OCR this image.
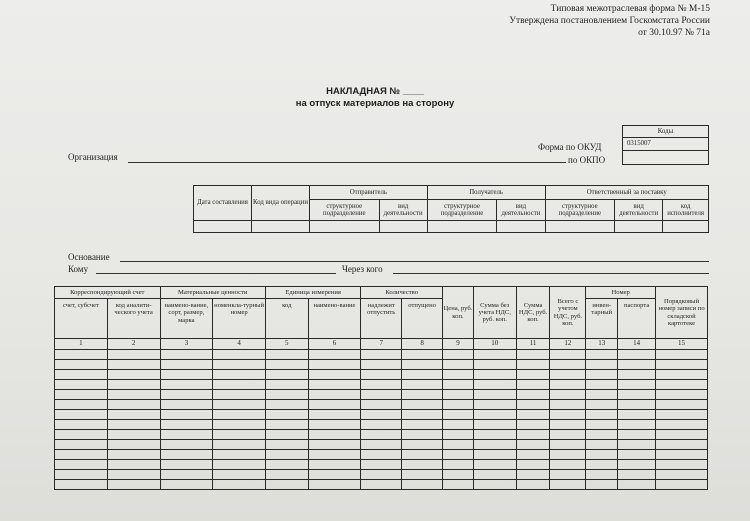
Типовая межотраслевая форма № М-15
Утверждена постановлением Госкомстата России
от 30.10.97 № 71а
НАКЛАДНАЯ № ____
на отпуск материалов на сторону
Коды
0315007

Форма по ОКУД
по ОКПО
Организация
Дата составления	Код вида операции	Отправитель		Получатель		Ответственный за поставку		
		структурное подразделение	вид деятельности	структурное подразделение	вид деятельности	структурное подразделение	вид деятельности	код исполнителя

Основание
Кому	Через кого
Корреспондирующий счет		Материальные ценности		Единица измерения		Количество		Цена, руб. коп.	Сумма без учета НДС, руб. коп.	Сумма НДС, руб. коп.	Всего с учетом НДС, руб. коп.	Номер		Порядковый номер записи по складской картотеке
счет, субсчет	код аналити-ческого учета	наимено-вание, сорт, размер, марка	номенкла-турный номер	код	наимено-вание	надлежит отпустить	отпущено					инвен-тарный	паспорта	
1	2	3	4	5	6	7	8	9	10	11	12	13	14	15
